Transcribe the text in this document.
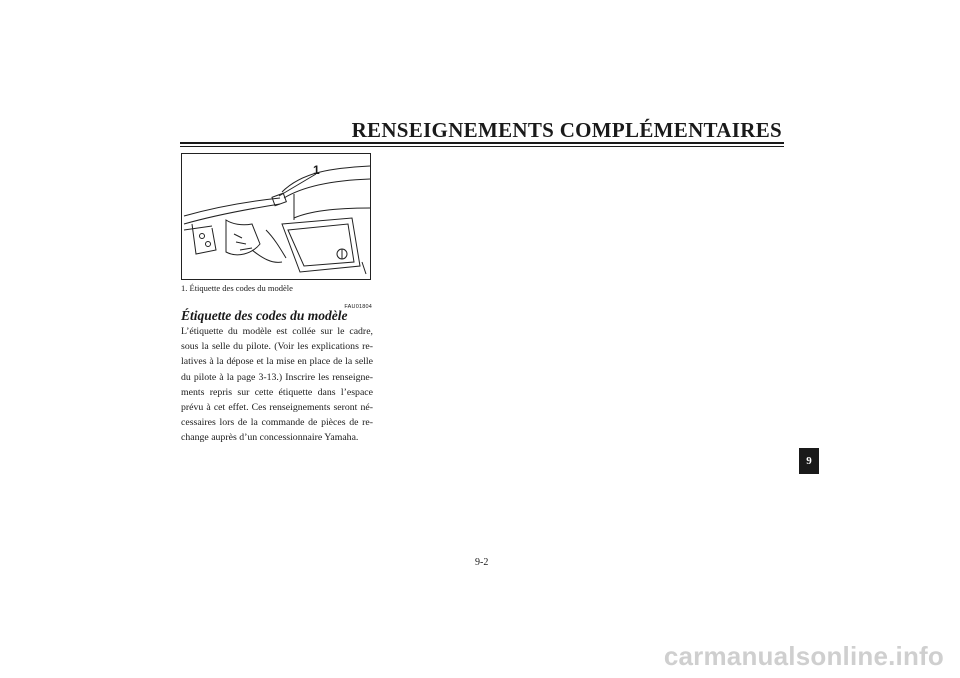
RENSEIGNEMENTS COMPLÉMENTAIRES
1
1. Étiquette des codes du modèle
FAU01804
Étiquette des codes du modèle

L’étiquette du modèle est collée sur le cadre, sous la selle du pilote. (Voir les explications re-latives à la dépose et la mise en place de la selle du pilote à la page 3-13.) Inscrire les renseigne-ments repris sur cette étiquette dans l’espace prévu à cet effet. Ces renseignements seront né-cessaires lors de la commande de pièces de re-change auprès d’un concessionnaire Yamaha.

9
9-2
carmanualsonline.info
